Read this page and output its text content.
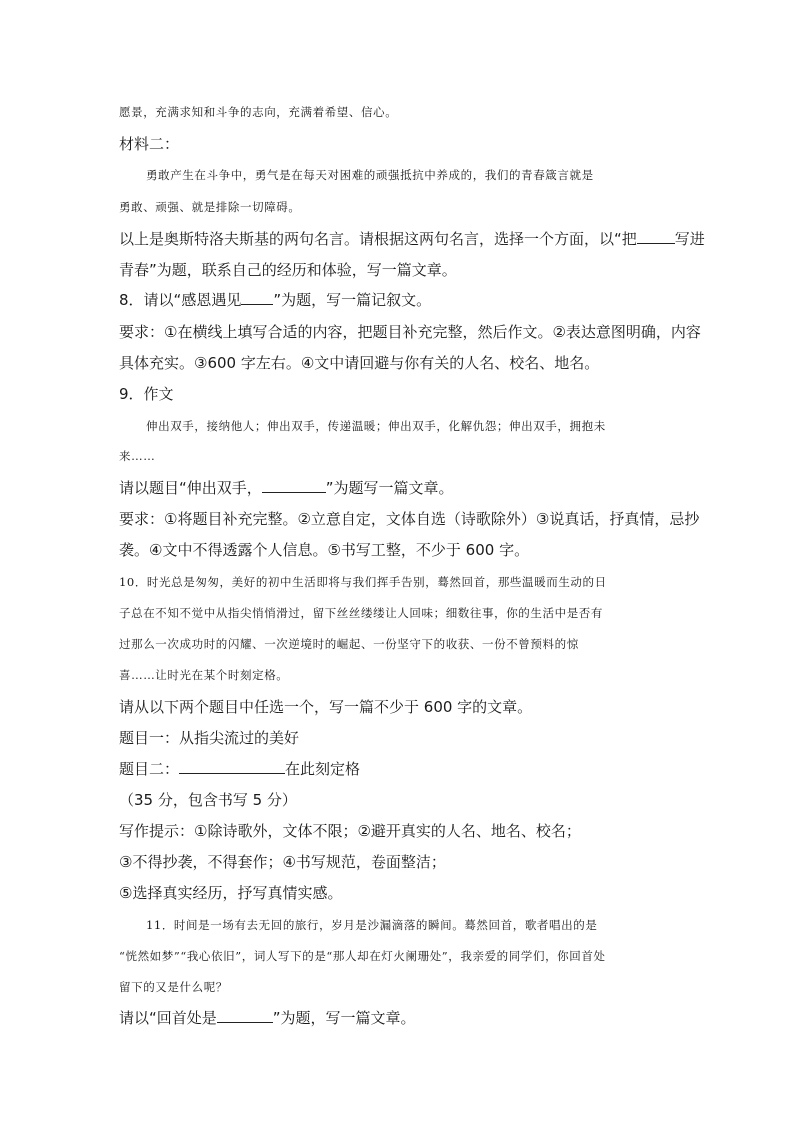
愿景，充满求知和斗争的志向，充满着希望、信心。
材料二：
勇敢产生在斗争中，勇气是在每天对困难的顽强抵抗中养成的，我们的青春箴言就是
勇敢、顽强、就是排除一切障碍。
以上是奥斯特洛夫斯基的两句名言。请根据这两句名言，选择一个方面，以“把	写进
青春”为题，联系自己的经历和体验，写一篇文章。
8．请以“感恩遇见 ”为题，写一篇记叙文。
要求：①在横线上填写合适的内容，把题目补充完整，然后作文。②表达意图明确，内容
具体充实。③600 字左右。④文中请回避与你有关的人名、校名、地名。
9．作文
伸出双手，接纳他人；伸出双手，传递温暖；伸出双手，化解仇怨；伸出双手，拥抱未
来……
请以题目“伸出双手，	”为题写一篇文章。
要求：①将题目补充完整。②立意自定，文体自选（诗歌除外）③说真话，抒真情，忌抄
袭。④文中不得透露个人信息。⑤书写工整，不少于 600 字。
10．时光总是匆匆，美好的初中生活即将与我们挥手告别，蓦然回首，那些温暖而生动的日
子总在不知不觉中从指尖悄悄滑过，留下丝丝缕缕让人回味；细数往事，你的生活中是否有
过那么一次成功时的闪耀、一次逆境时的崛起、一份坚守下的收获、一份不曾预料的惊
喜……让时光在某个时刻定格。
请从以下两个题目中任选一个，写一篇不少于 600 字的文章。
题目一：从指尖流过的美好
题目二：	在此刻定格
（35 分，包含书写 5 分）
写作提示：①除诗歌外，文体不限；②避开真实的人名、地名、校名；
③不得抄袭，不得套作；④书写规范，卷面整洁；
⑤选择真实经历，抒写真情实感。
11．时间是一场有去无回的旅行，岁月是沙漏滴落的瞬间。蓦然回首，歌者唱出的是
“恍然如梦”“我心依旧”，词人写下的是“那人却在灯火阑珊处”，我亲爱的同学们，你回首处
留下的又是什么呢？
请以“回首处是	”为题，写一篇文章。
